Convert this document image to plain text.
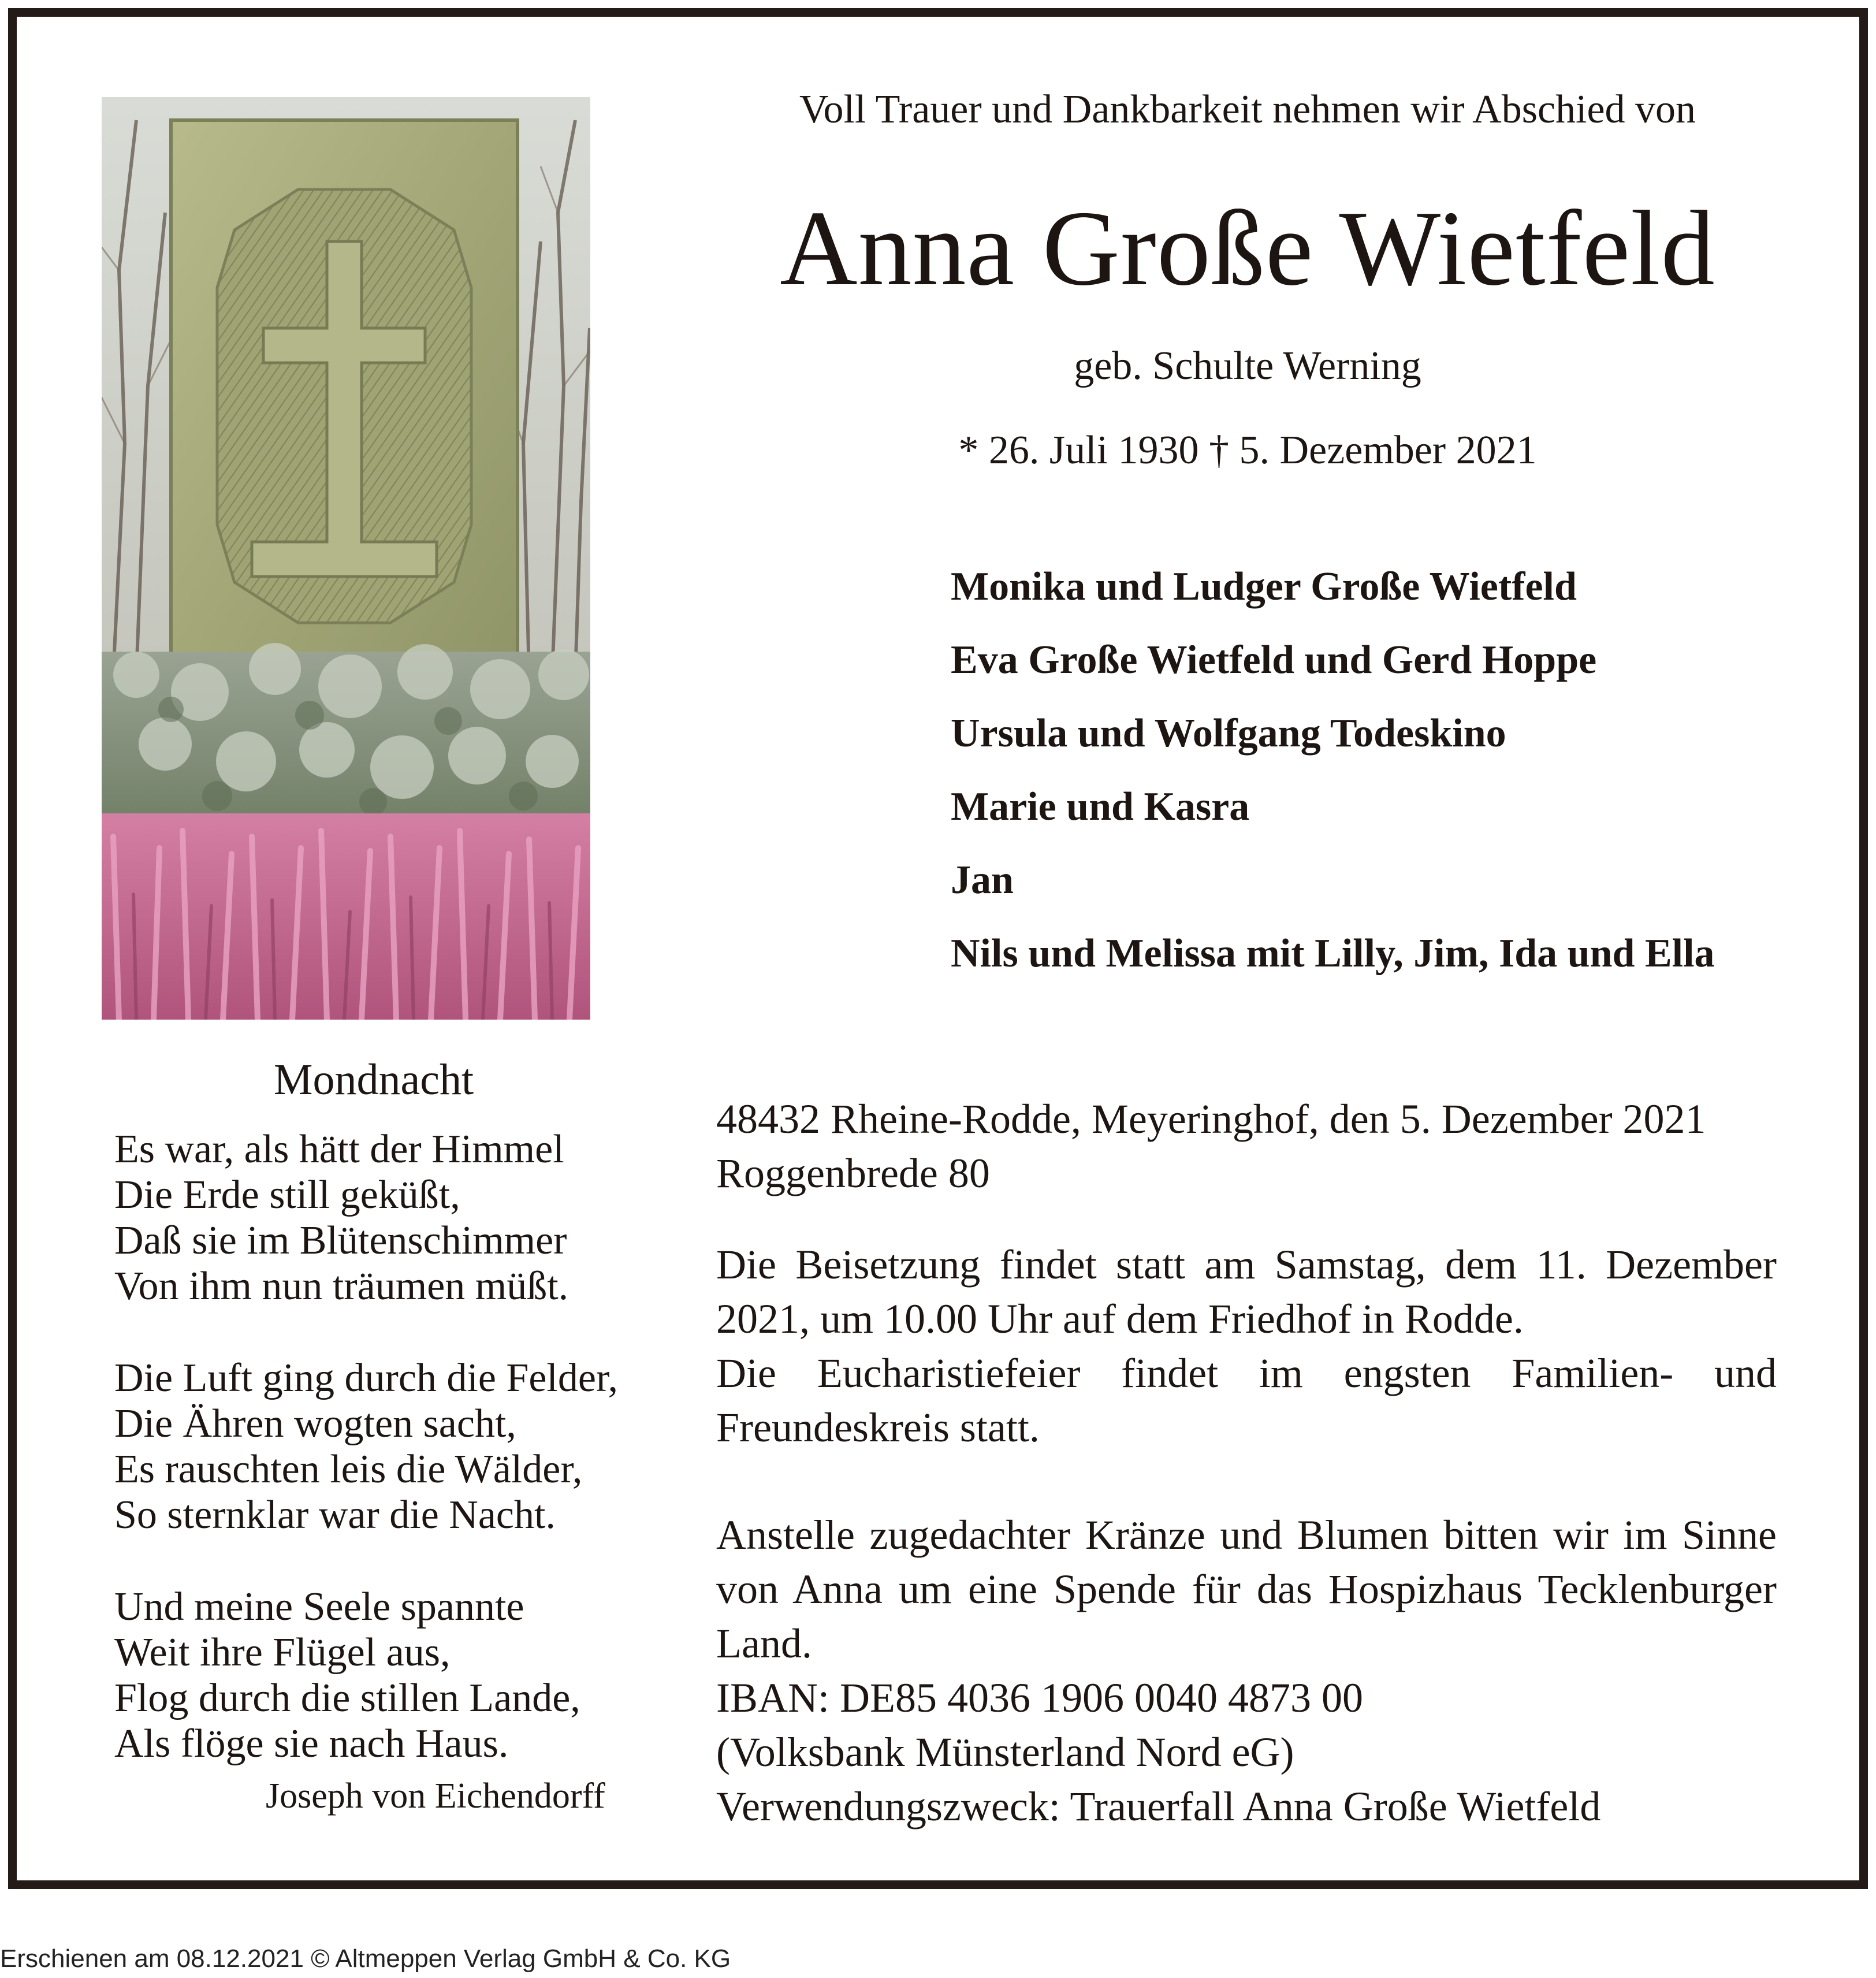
Voll Trauer und Dankbarkeit nehmen wir Abschied von
Anna Große Wietfeld
geb. Schulte Werning
* 26. Juli 1930 † 5. Dezember 2021
Monika und Ludger Große Wietfeld
Eva Große Wietfeld und Gerd Hoppe
Ursula und Wolfgang Todeskino
Marie und Kasra
Jan
Nils und Melissa mit Lilly, Jim, Ida und Ella
Mondnacht
Es war, als hätt der Himmel
Die Erde still geküßt,
Daß sie im Blütenschimmer
Von ihm nun träumen müßt.
Die Luft ging durch die Felder,
Die Ähren wogten sacht,
Es rauschten leis die Wälder,
So sternklar war die Nacht.
Und meine Seele spannte
Weit ihre Flügel aus,
Flog durch die stillen Lande,
Als flöge sie nach Haus.
Joseph von Eichendorff
48432 Rheine-Rodde, Meyeringhof, den 5. Dezember 2021
Roggenbrede 80
Die Beisetzung findet statt am Samstag, dem 11. Dezember 2021, um 10.00 Uhr auf dem Friedhof in Rodde.
Die Eucharistiefeier findet im engsten Familien- und Freundeskreis statt.
Anstelle zugedachter Kränze und Blumen bitten wir im Sinne von Anna um eine Spende für das Hospizhaus Tecklenburger Land.
IBAN: DE85 4036 1906 0040 4873 00
(Volksbank Münsterland Nord eG)
Verwendungszweck: Trauerfall Anna Große Wietfeld
Erschienen am 08.12.2021 © Altmeppen Verlag GmbH & Co. KG
